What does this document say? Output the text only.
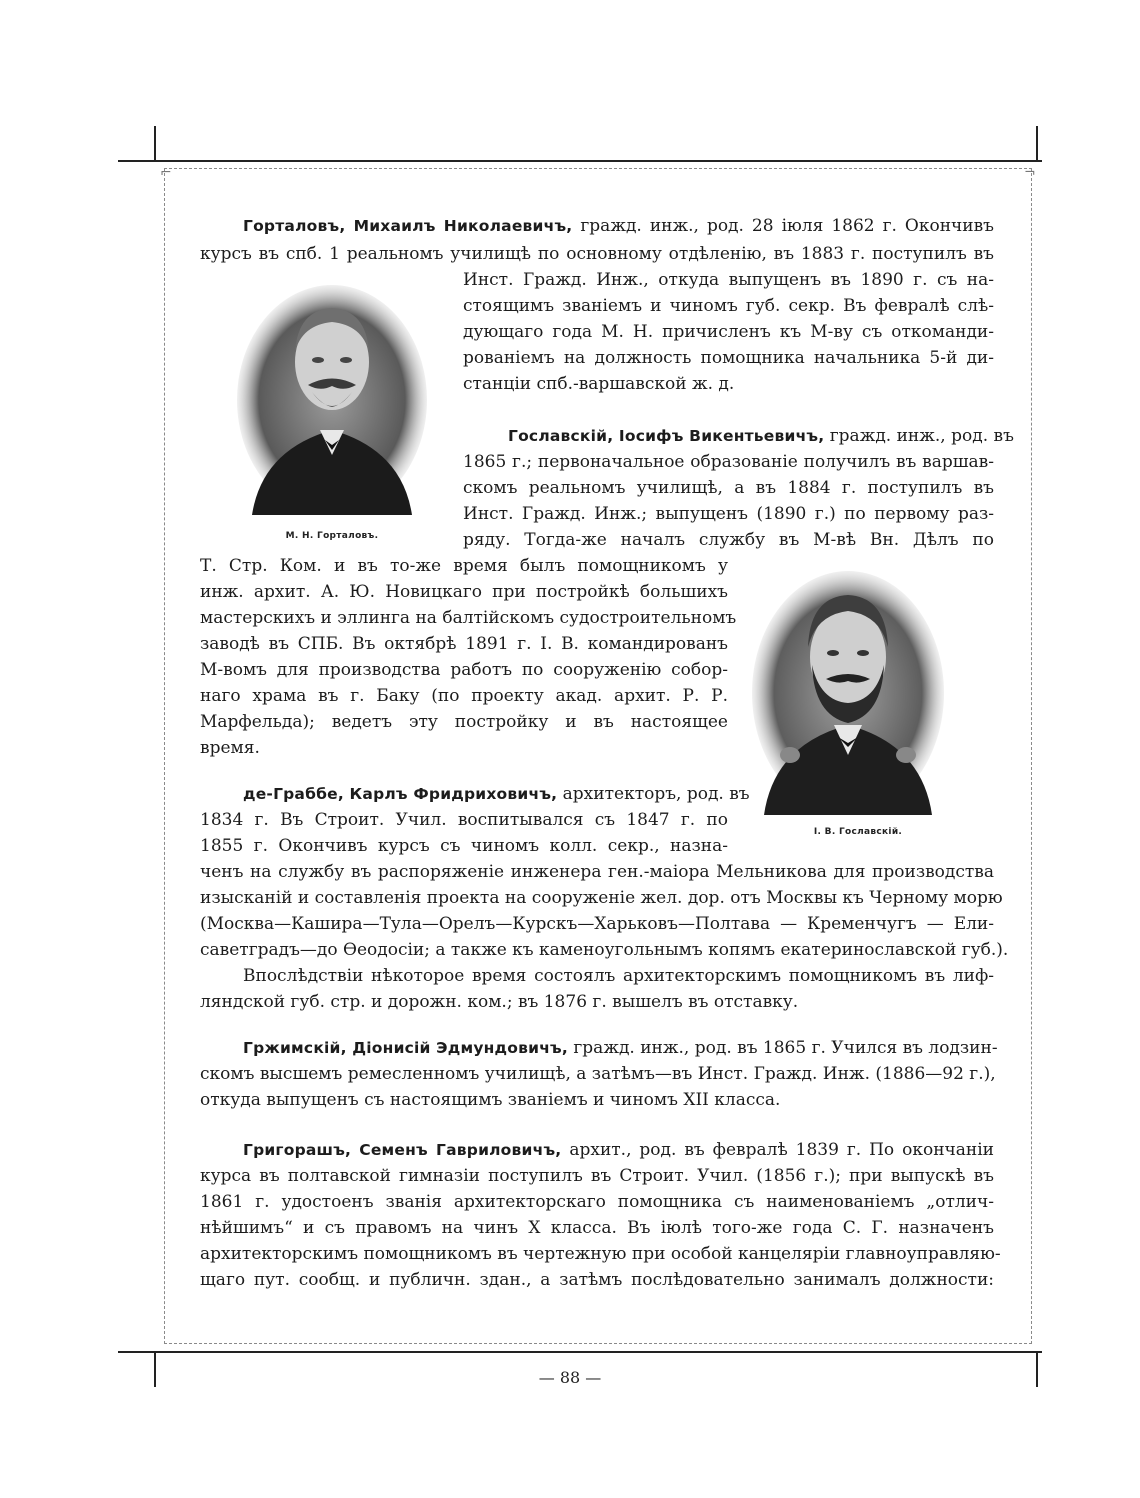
⌐	¬
М. Н. Горталовъ.
І. В. Гославскій.

Горталовъ, Михаилъ Николаевичъ, гражд. инж., род. 28 іюля 1862 г. Окончивъ

курсъ въ спб. 1 реальномъ училищѣ по основному отдѣленію, въ 1883 г. поступилъ въ

Инст. Гражд. Инж., откуда выпущенъ въ 1890 г. съ на-

стоящимъ званіемъ и чиномъ губ. секр. Въ февралѣ слѣ-

дующаго года М. Н. причисленъ къ М-ву съ откоманди-

рованіемъ на должность помощника начальника 5-й ди-

станціи спб.-варшавской ж. д.

Гославскій, Іосифъ Викентьевичъ, гражд. инж., род. въ

1865 г.; первоначальное образованіе получилъ въ варшав-

скомъ реальномъ училищѣ, а въ 1884 г. поступилъ въ

Инст. Гражд. Инж.; выпущенъ (1890 г.) по первому раз-

ряду. Тогда-же началъ службу въ М-вѣ Вн. Дѣлъ по

Т. Стр. Ком. и въ то-же время былъ помощникомъ у

инж. архит. А. Ю. Новицкаго при постройкѣ большихъ

мастерскихъ и эллинга на балтійскомъ судостроительномъ

заводѣ въ СПБ. Въ октябрѣ 1891 г. І. В. командированъ

М-вомъ для производства работъ по сооруженію собор-

наго храма въ г. Баку (по проекту акад. архит. Р. Р.

Марфельда); ведетъ эту постройку и въ настоящее

время.

де-Граббе, Карлъ Фридриховичъ, архитекторъ, род. въ

1834 г. Въ Строит. Учил. воспитывался съ 1847 г. по

1855 г. Окончивъ курсъ съ чиномъ колл. секр., назна-

ченъ на службу въ распоряженіе инженера ген.-маіора Мельникова для производства

изысканій и составленія проекта на сооруженіе жел. дор. отъ Москвы къ Черному морю

(Москва—Кашира—Тула—Орелъ—Курскъ—Харьковъ—Полтава — Кременчугъ — Ели-

саветградъ—до Ѳеодосіи; а также къ каменоугольнымъ копямъ екатеринославской губ.).

Впослѣдствіи нѣкоторое время состоялъ архитекторскимъ помощникомъ въ лиф-

ляндской губ. стр. и дорожн. ком.; въ 1876 г. вышелъ въ отставку.

Гржимскій, Діонисій Эдмундовичъ, гражд. инж., род. въ 1865 г. Учился въ лодзин-

скомъ высшемъ ремесленномъ училищѣ, а затѣмъ—въ Инст. Гражд. Инж. (1886—92 г.),

откуда выпущенъ съ настоящимъ званіемъ и чиномъ XII класса.

Григорашъ, Семенъ Гавриловичъ, архит., род. въ февралѣ 1839 г. По окончаніи

курса въ полтавской гимназіи поступилъ въ Строит. Учил. (1856 г.); при выпускѣ въ

1861 г. удостоенъ званія архитекторскаго помощника съ наименованіемъ „отлич-

нѣйшимъ“ и съ правомъ на чинъ X класса. Въ іюлѣ того-же года С. Г. назначенъ

архитекторскимъ помощникомъ въ чертежную при особой канцеляріи главноуправляю-

щаго пут. сообщ. и публичн. здан., а затѣмъ послѣдовательно занималъ должности:

— 88 —
